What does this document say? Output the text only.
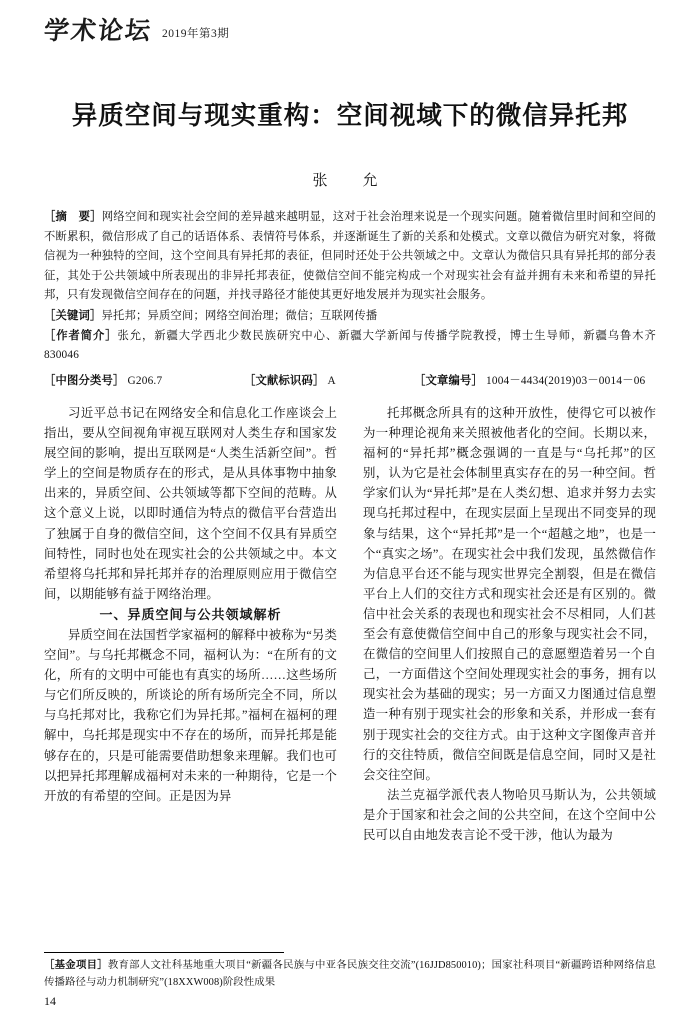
学术论坛 2019年第3期
异质空间与现实重构：空间视域下的微信异托邦
张　允

［摘　要］网络空间和现实社会空间的差异越来越明显，这对于社会治理来说是一个现实问题。随着微信里时间和空间的不断累积，微信形成了自己的话语体系、表情符号体系，并逐渐诞生了新的关系和处模式。文章以微信为研究对象，将微信视为一种独特的空间，这个空间具有异托邦的表征，但同时还处于公共领域之中。文章认为微信只具有异托邦的部分表征，其处于公共领域中所表现出的非异托邦表征，使微信空间不能完构成一个对现实社会有益并拥有未来和希望的异托邦，只有发现微信空间存在的问题，并找寻路径才能使其更好地发展并为现实社会服务。

［关键词］异托邦；异质空间；网络空间治理；微信；互联网传播

［作者简介］张允，新疆大学西北少数民族研究中心、新疆大学新闻与传播学院教授，博士生导师，新疆乌鲁木齐　830046

［中图分类号］ G206.7	［文献标识码］ A	［文章编号］ 1004－4434(2019)03－0014－06

习近平总书记在网络安全和信息化工作座谈会上指出，要从空间视角审视互联网对人类生存和国家发展空间的影响，提出互联网是“人类生活新空间”。哲学上的空间是物质存在的形式，是从具体事物中抽象出来的，异质空间、公共领域等都下空间的范畴。从这个意义上说，以即时通信为特点的微信平台营造出了独属于自身的微信空间，这个空间不仅具有异质空间特性，同时也处在现实社会的公共领域之中。本文希望将乌托邦和异托邦并存的治理原则应用于微信空间，以期能够有益于网络治理。

一、异质空间与公共领域解析

异质空间在法国哲学家福柯的解释中被称为“另类空间”。与乌托邦概念不同，福柯认为：“在所有的文化，所有的文明中可能也有真实的场所……这些场所与它们所反映的，所谈论的所有场所完全不同，所以与乌托邦对比，我称它们为异托邦。”福柯在福柯的理解中，乌托邦是现实中不存在的场所，而异托邦是能够存在的，只是可能需要借助想象来理解。我们也可以把异托邦理解成福柯对未来的一种期待，它是一个开放的有希望的空间。正是因为异

托邦概念所具有的这种开放性，使得它可以被作为一种理论视角来关照被他者化的空间。长期以来，福柯的“异托邦”概念强调的一直是与“乌托邦”的区别，认为它是社会体制里真实存在的另一种空间。哲学家们认为“异托邦”是在人类幻想、追求并努力去实现乌托邦过程中，在现实层面上呈现出不同变异的现象与结果，这个“异托邦”是一个“超越之地”，也是一个“真实之场”。在现实社会中我们发现，虽然微信作为信息平台还不能与现实世界完全割裂，但是在微信平台上人们的交往方式和现实社会还是有区别的。微信中社会关系的表现也和现实社会不尽相同，人们甚至会有意使微信空间中自己的形象与现实社会不同，在微信的空间里人们按照自己的意愿塑造着另一个自己，一方面借这个空间处理现实社会的事务，拥有以现实社会为基础的现实；另一方面又力图通过信息塑造一种有别于现实社会的形象和关系，并形成一套有别于现实社会的交往方式。由于这种文字图像声音并行的交往特质，微信空间既是信息空间，同时又是社会交往空间。

法兰克福学派代表人物哈贝马斯认为，公共领域是介于国家和社会之间的公共空间，在这个空间中公民可以自由地发表言论不受干涉，他认为最为

［基金项目］教育部人文社科基地重大项目“新疆各民族与中亚各民族交往交流”(16JJD850010)；国家社科项目“新疆跨语种网络信息传播路径与动力机制研究”(18XXW008)阶段性成果
14
